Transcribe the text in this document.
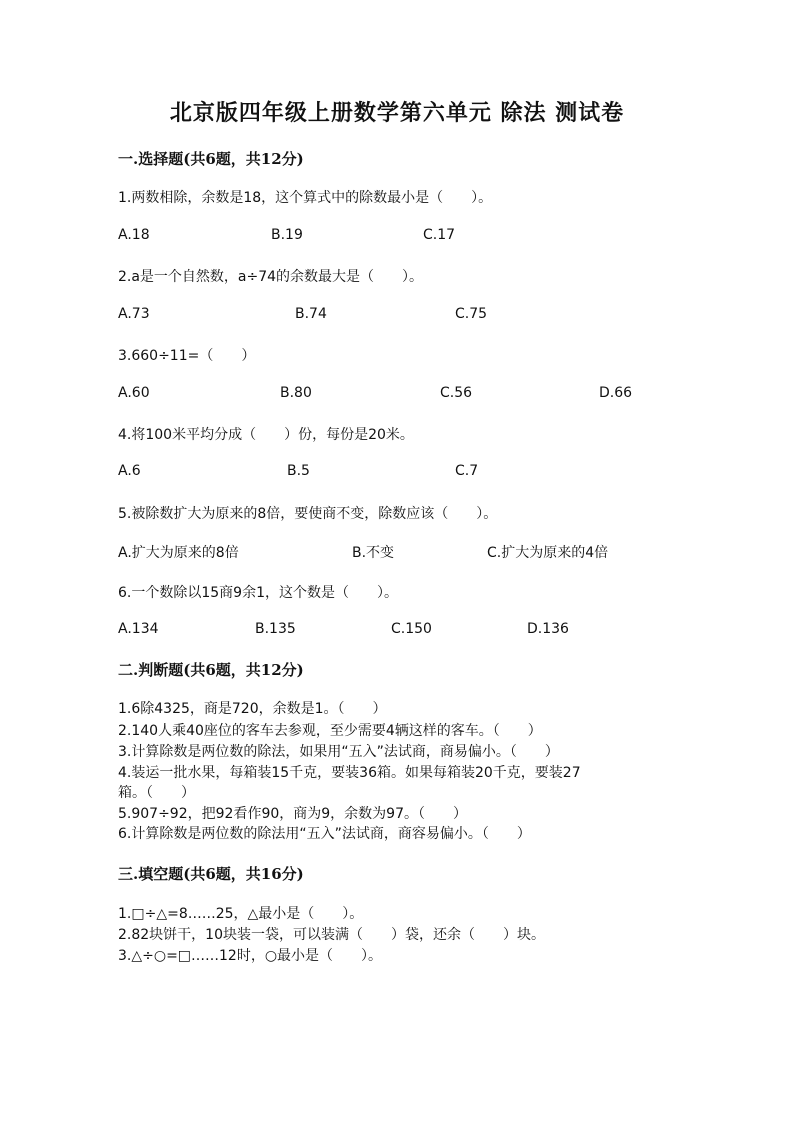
北京版四年级上册数学第六单元 除法 测试卷
一.选择题(共6题，共12分)
1.两数相除，余数是18，这个算式中的除数最小是（　　）。
A.18	B.19	C.17
2.a是一个自然数，a÷74的余数最大是（　　）。
A.73	B.74	C.75
3.660÷11=（　　）
A.60	B.80	C.56	D.66
4.将100米平均分成（　　）份，每份是20米。
A.6	B.5	C.7
5.被除数扩大为原来的8倍，要使商不变，除数应该（　　）。
A.扩大为原来的8倍	B.不变	C.扩大为原来的4倍
6.一个数除以15商9余1，这个数是（　　）。
A.134	B.135	C.150	D.136
二.判断题(共6题，共12分)
1.6除4325，商是720，余数是1。（　　）
2.140人乘40座位的客车去参观，至少需要4辆这样的客车。（　　）
3.计算除数是两位数的除法，如果用“五入”法试商，商易偏小。（　　）
4.装运一批水果，每箱装15千克，要装36箱。如果每箱装20千克，要装27
箱。（　　）
5.907÷92，把92看作90，商为9，余数为97。（　　）
6.计算除数是两位数的除法用“五入”法试商，商容易偏小。（　　）
三.填空题(共6题，共16分)
1.□÷△=8……25，△最小是（　　）。
2.82块饼干，10块装一袋，可以装满（　　）袋，还余（　　）块。
3.△÷○=□……12时，○最小是（　　）。
